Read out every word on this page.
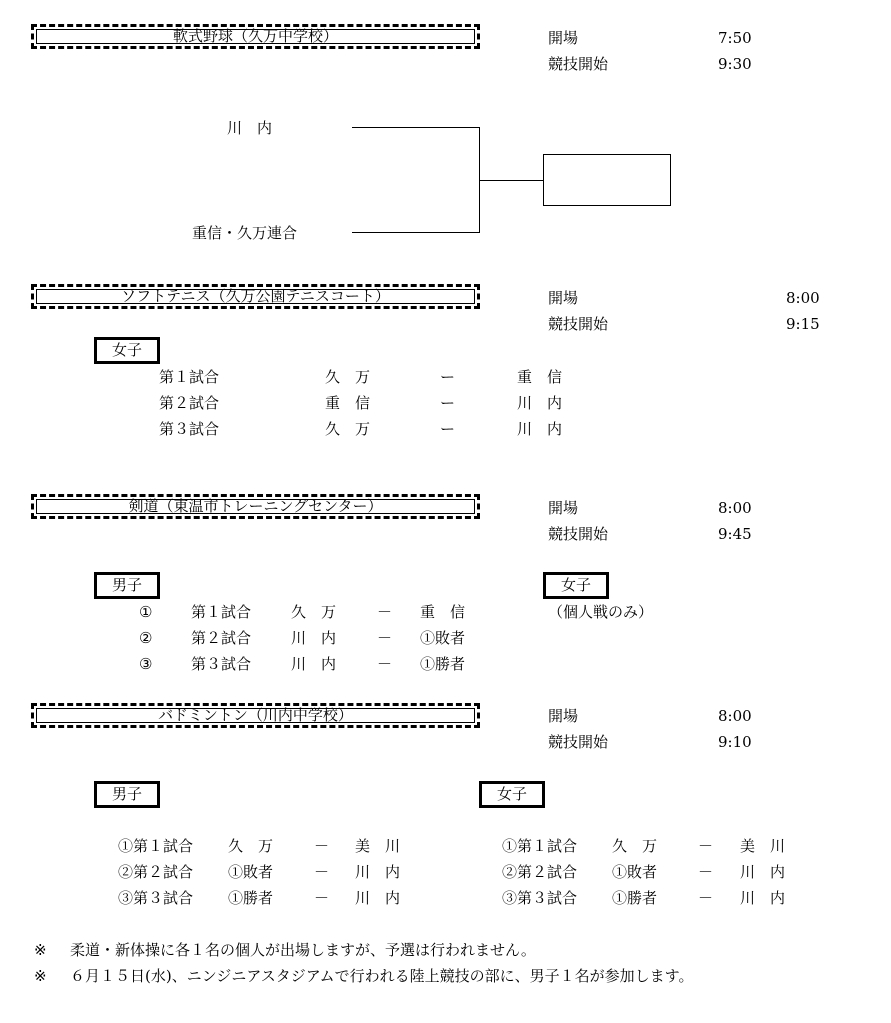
軟式野球（久万中学校）	開場	7:50
競技開始	9:30
川　内
重信・久万連合
ソフトテニス（久万公園テニスコート）	開場	8:00
競技開始	9:15
女子
第１試合	久　万	ー	重　信
第２試合	重　信	ー	川　内
第３試合	久　万	ー	川　内
剣道（東温市トレーニングセンター）	開場	8:00
競技開始	9:45
男子	女子
（個人戦のみ）
①	第１試合	久　万	－ 重　信
②	第２試合	川　内	－ ①敗者
③	第３試合	川　内	－ ①勝者
バドミントン（川内中学校）	開場	8:00
競技開始	9:10
男子	女子
①第１試合 久　万	－ 美　川
②第２試合 ①敗者	－ 川　内
③第３試合 ①勝者	－ 川　内
①第１試合 久　万	－ 美　川
②第２試合 ①敗者	－ 川　内
③第３試合 ①勝者	－ 川　内
※ 柔道・新体操に各１名の個人が出場しますが、予選は行われません。
※ ６月１５日(水)、ニンジニアスタジアムで行われる陸上競技の部に、男子１名が参加します。
